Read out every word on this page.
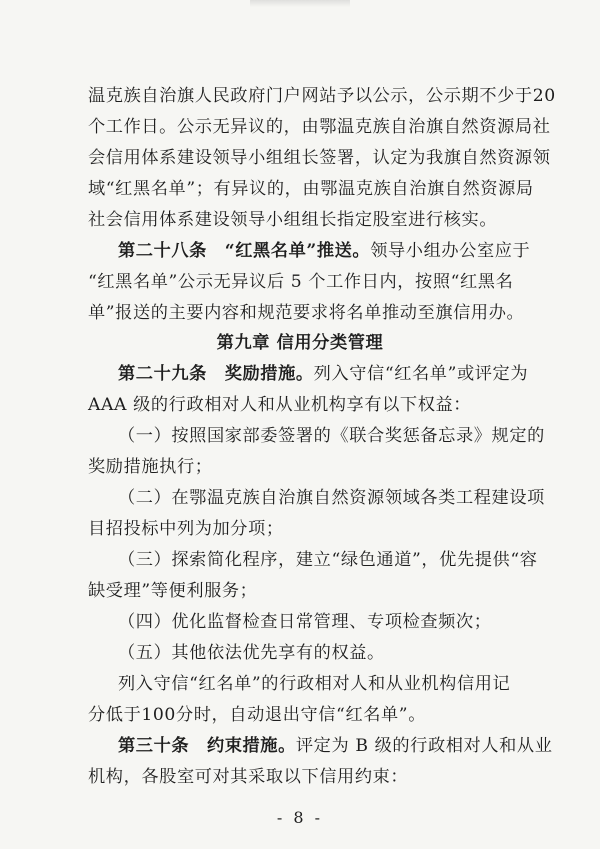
温克族自治旗人民政府门户网站予以公示，公示期不少于20
个工作日。公示无异议的，由鄂温克族自治旗自然资源局社
会信用体系建设领导小组组长签署，认定为我旗自然资源领
域“红黑名单”；有异议的，由鄂温克族自治旗自然资源局
社会信用体系建设领导小组组长指定股室进行核实。
第二十八条　“红黑名单”推送。领导小组办公室应于
“红黑名单”公示无异议后 5 个工作日内，按照“红黑名
单”报送的主要内容和规范要求将名单推动至旗信用办。
第九章 信用分类管理
第二十九条　奖励措施。列入守信“红名单”或评定为
AAA 级的行政相对人和从业机构享有以下权益：
（一）按照国家部委签署的《联合奖惩备忘录》规定的
奖励措施执行；
（二）在鄂温克族自治旗自然资源领域各类工程建设项
目招投标中列为加分项；
（三）探索简化程序，建立“绿色通道”，优先提供“容
缺受理”等便利服务；
（四）优化监督检查日常管理、专项检查频次；
（五）其他依法优先享有的权益。
列入守信“红名单”的行政相对人和从业机构信用记
分低于100分时，自动退出守信“红名单”。
第三十条　约束措施。评定为 B 级的行政相对人和从业
机构，各股室可对其采取以下信用约束：
- 8 -
